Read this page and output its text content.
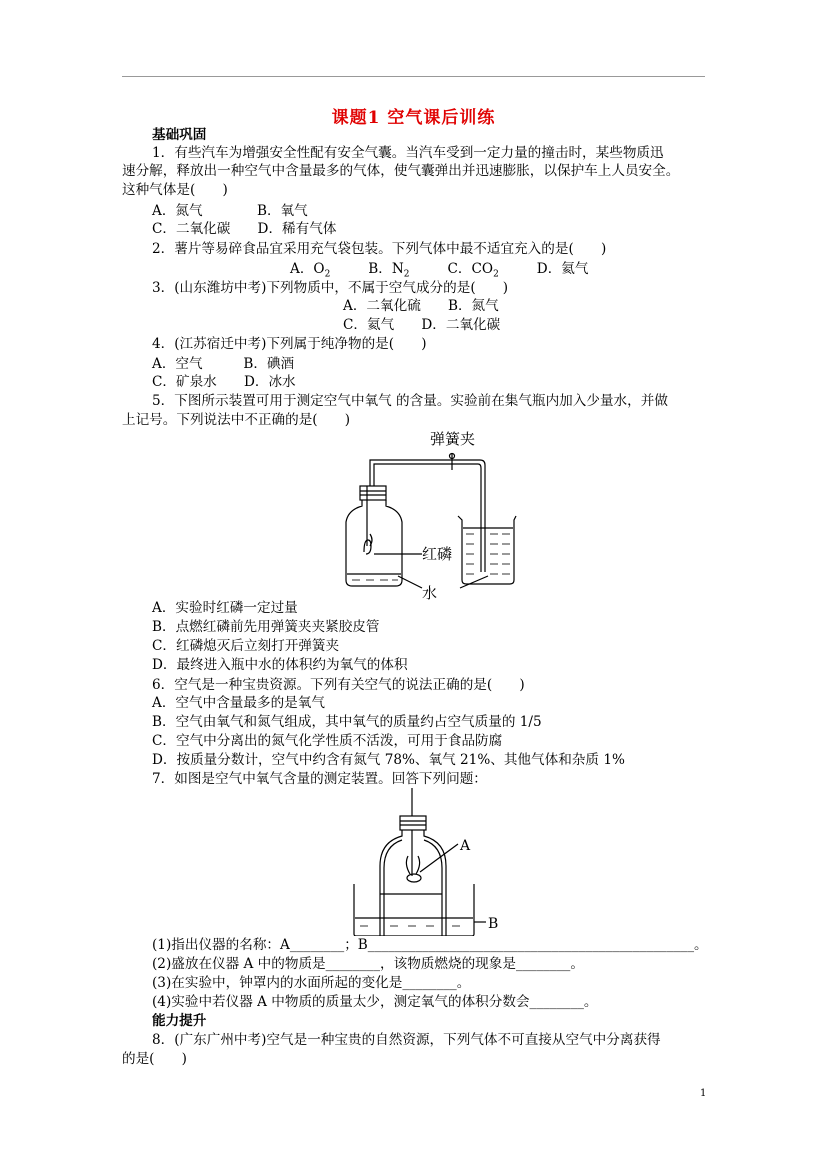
课题1 空气课后训练
基础巩固
1．有些汽车为增强安全性配有安全气囊。当汽车受到一定力量的撞击时，某些物质迅
速分解，释放出一种空气中含量最多的气体，使气囊弹出并迅速膨胀，以保护车上人员安全。
这种气体是(　　)
A．氮气　　　　B．氧气
C．二氧化碳　　D．稀有气体
2．薯片等易碎食品宜采用充气袋包装。下列气体中最不适宜充入的是(　　)
A．$O_2$	B．$N_2$	C．$CO_2$	D．氦气
3．(山东潍坊中考)下列物质中，不属于空气成分的是(　　)
A．二氧化硫　　B．氮气
C．氦气　　D．二氧化碳
4．(江苏宿迁中考)下列属于纯净物的是(　　)
A．空气　　　B．碘酒
C．矿泉水　　D．冰水
5．下图所示装置可用于测定空气中氧气 的含量。实验前在集气瓶内加入少量水，并做
上记号。下列说法中不正确的是(　　)
弹簧夹
红磷
水
A．实验时红磷一定过量
B．点燃红磷前先用弹簧夹夹紧胶皮管
C．红磷熄灭后立刻打开弹簧夹
D．最终进入瓶中水的体积约为氧气的体积
6．空气是一种宝贵资源。下列有关空气的说法正确的是(　　)
A．空气中含量最多的是氧气
B．空气由氧气和氮气组成，其中氧气的质量约占空气质量的 1/5
C．空气中分离出的氮气化学性质不活泼，可用于食品防腐
D．按质量分数计，空气中约含有氮气 78%、氧气 21%、其他气体和杂质 1%
7．如图是空气中氧气含量的测定装置。回答下列问题：
A
B
(1)指出仪器的名称：A________；B________________________________________________。
(2)盛放在仪器 A 中的物质是________，该物质燃烧的现象是________。
(3)在实验中，钟罩内的水面所起的变化是________。
(4)实验中若仪器 A 中物质的质量太少，测定氧气的体积分数会________。
能力提升
8．(广东广州中考)空气是一种宝贵的自然资源，下列气体不可直接从空气中分离获得
的是(　　)
1
